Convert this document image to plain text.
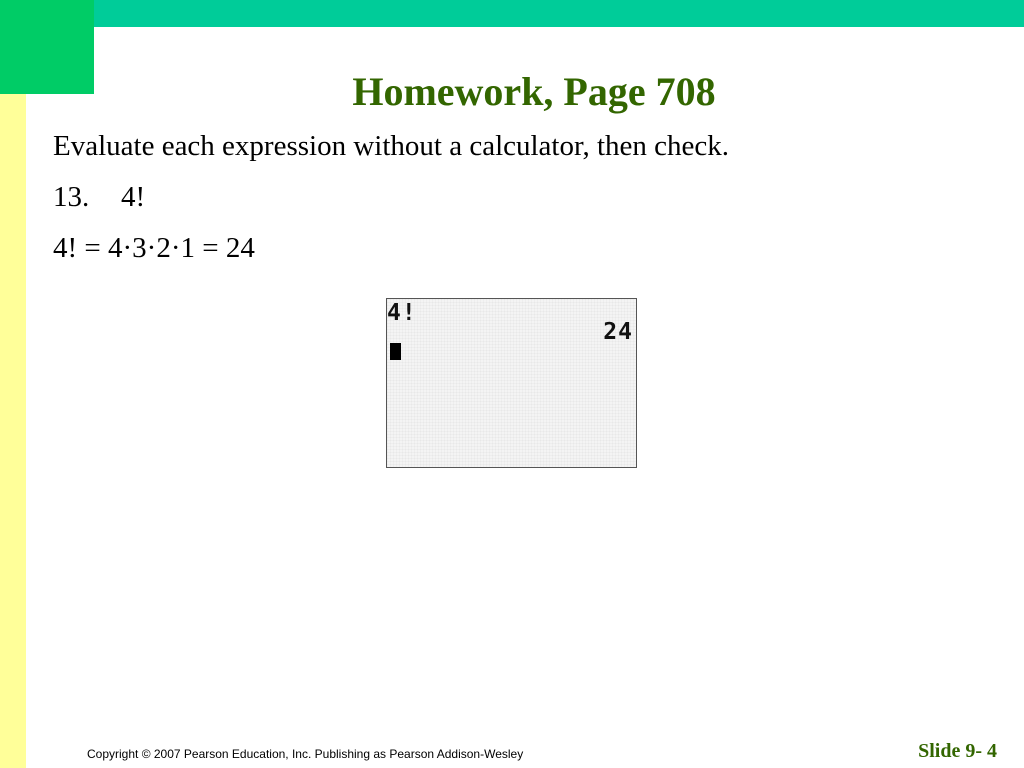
Homework, Page 708
Evaluate each expression without a calculator, then check.
13. 4!
4! = 4·3·2·1 = 24
4!
24
Copyright © 2007 Pearson Education, Inc. Publishing as Pearson Addison-Wesley	Slide 9- 4
